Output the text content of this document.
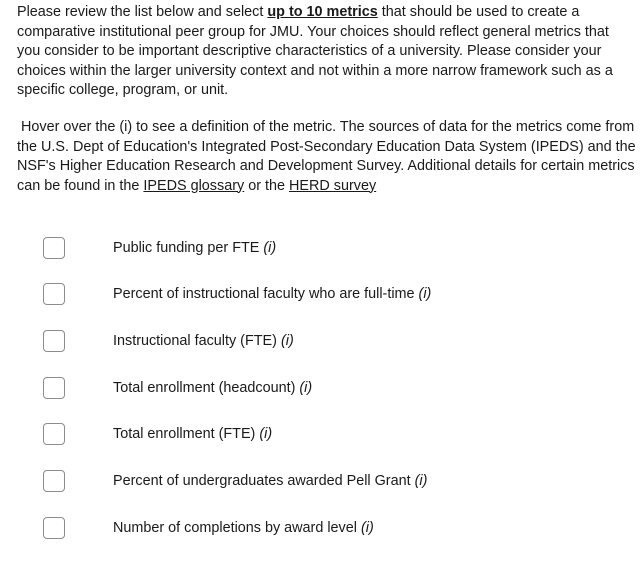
Please review the list below and select up to 10 metrics that should be used to create a comparative institutional peer group for JMU. Your choices should reflect general metrics that you consider to be important descriptive characteristics of a university. Please consider your choices within the larger university context and not within a more narrow framework such as a specific college, program, or unit.

Hover over the (i) to see a definition of the metric. The sources of data for the metrics come from the U.S. Dept of Education's Integrated Post-Secondary Education Data System (IPEDS) and the NSF's Higher Education Research and Development Survey. Additional details for certain metrics can be found in the IPEDS glossary or the HERD survey

Public funding per FTE (i)
Percent of instructional faculty who are full-time (i)
Instructional faculty (FTE) (i)
Total enrollment (headcount) (i)
Total enrollment (FTE) (i)
Percent of undergraduates awarded Pell Grant (i)
Number of completions by award level (i)
